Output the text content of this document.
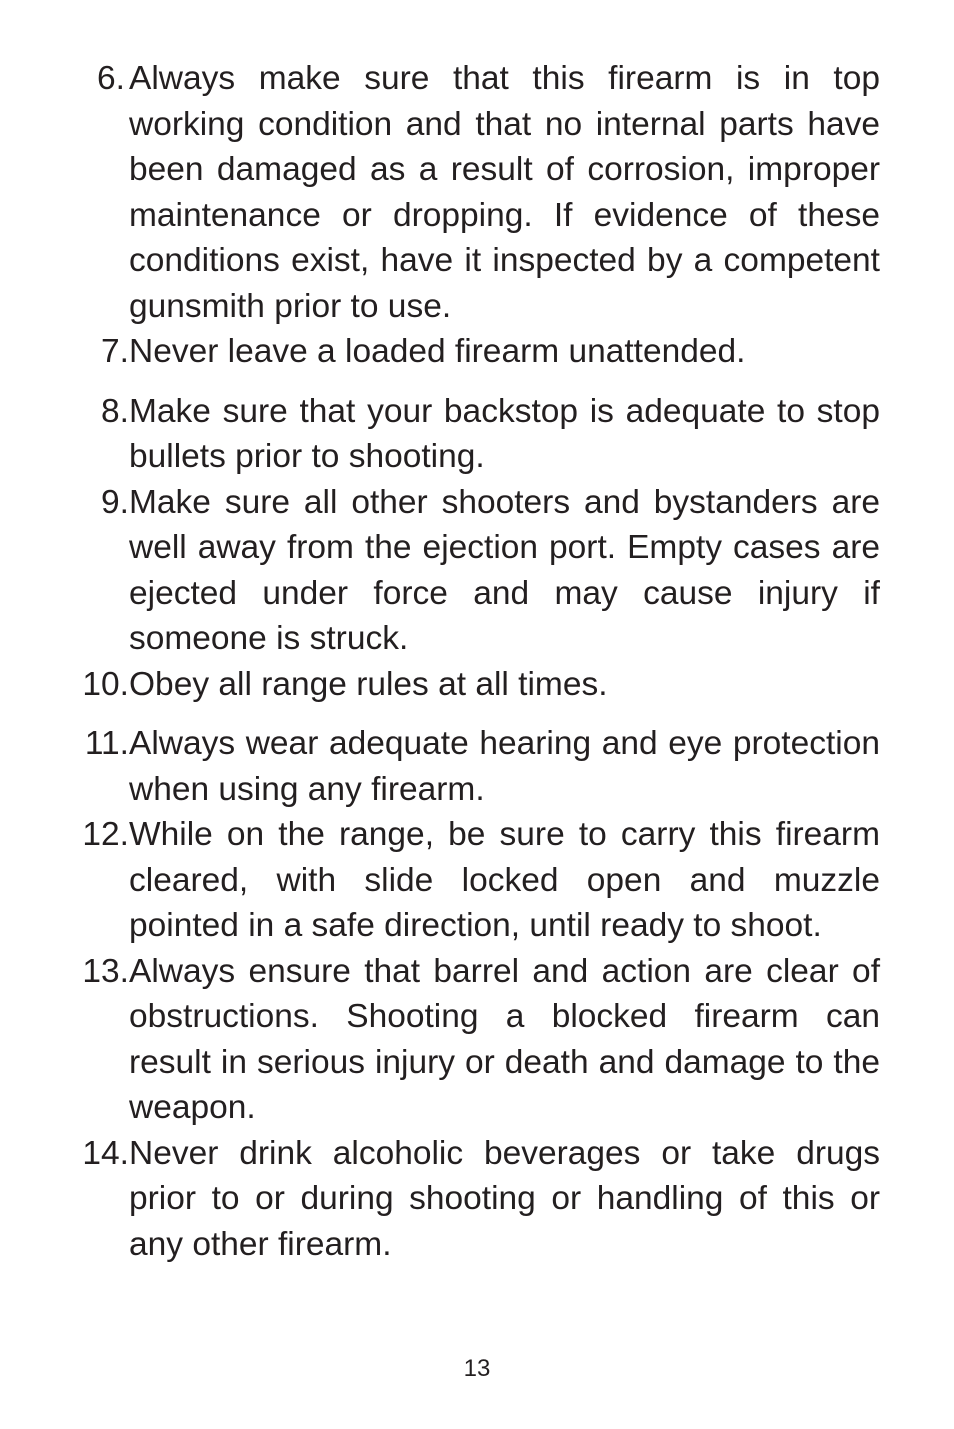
6. Always make sure that this firearm is in top working condition and that no internal parts have been damaged as a result of corrosion, improper maintenance or dropping. If evidence of these conditions exist, have it inspected by a competent gunsmith prior to use.
7. Never leave a loaded firearm unattended.
8. Make sure that your backstop is adequate to stop bullets prior to shooting.
9. Make sure all other shooters and bystanders are well away from the ejection port. Empty cases are ejected under force and may cause injury if someone is struck.
10. Obey all range rules at all times.
11. Always wear adequate hearing and eye protection when using any firearm.
12. While on the range, be sure to carry this firearm cleared, with slide locked open and muzzle pointed in a safe direction, until ready to shoot.
13. Always ensure that barrel and action are clear of obstructions. Shooting a blocked firearm can result in serious injury or death and damage to the weapon.
14. Never drink alcoholic beverages or take drugs prior to or during shooting or handling of this or any other firearm.
13
